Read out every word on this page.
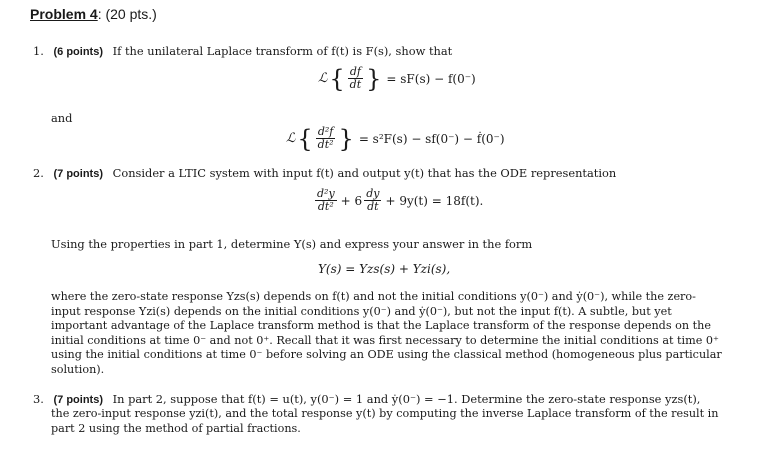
Problem 4: (20 pts.)
1. (6 points) If the unilateral Laplace transform of f(t) is F(s), show that
ℒ { $\frac{df}{dt}$ } = sF(s) − f(0⁻)
and
ℒ { $\frac{\text{d²f}}{\text{dt²}}$ } = s²F(s) − sf(0⁻) − ḟ(0⁻)
2. (7 points) Consider a LTIC system with input f(t) and output y(t) that has the ODE representation
$\frac{\text{d²y}}{\text{dt²}} + 6 \frac{dy}{dt} + 9y(t) = 18f(t)$.
Using the properties in part 1, determine Y(s) and express your answer in the form
Y(s) = Yzs(s) + Yzi(s),
where the zero-state response Yzs(s) depends on f(t) and not the initial conditions y(0⁻) and ẏ(0⁻), while the zero-
input response Yzi(s) depends on the initial conditions y(0⁻) and ẏ(0⁻), but not the input f(t). A subtle, but yet
important advantage of the Laplace transform method is that the Laplace transform of the response depends on the
initial conditions at time 0⁻ and not 0⁺. Recall that it was first necessary to determine the initial conditions at time 0⁺
using the initial conditions at time 0⁻ before solving an ODE using the classical method (homogeneous plus particular
solution).
3. (7 points) In part 2, suppose that f(t) = u(t), y(0⁻) = 1 and ẏ(0⁻) = −1. Determine the zero-state response yzs(t),
the zero-input response yzi(t), and the total response y(t) by computing the inverse Laplace transform of the result in
part 2 using the method of partial fractions.
